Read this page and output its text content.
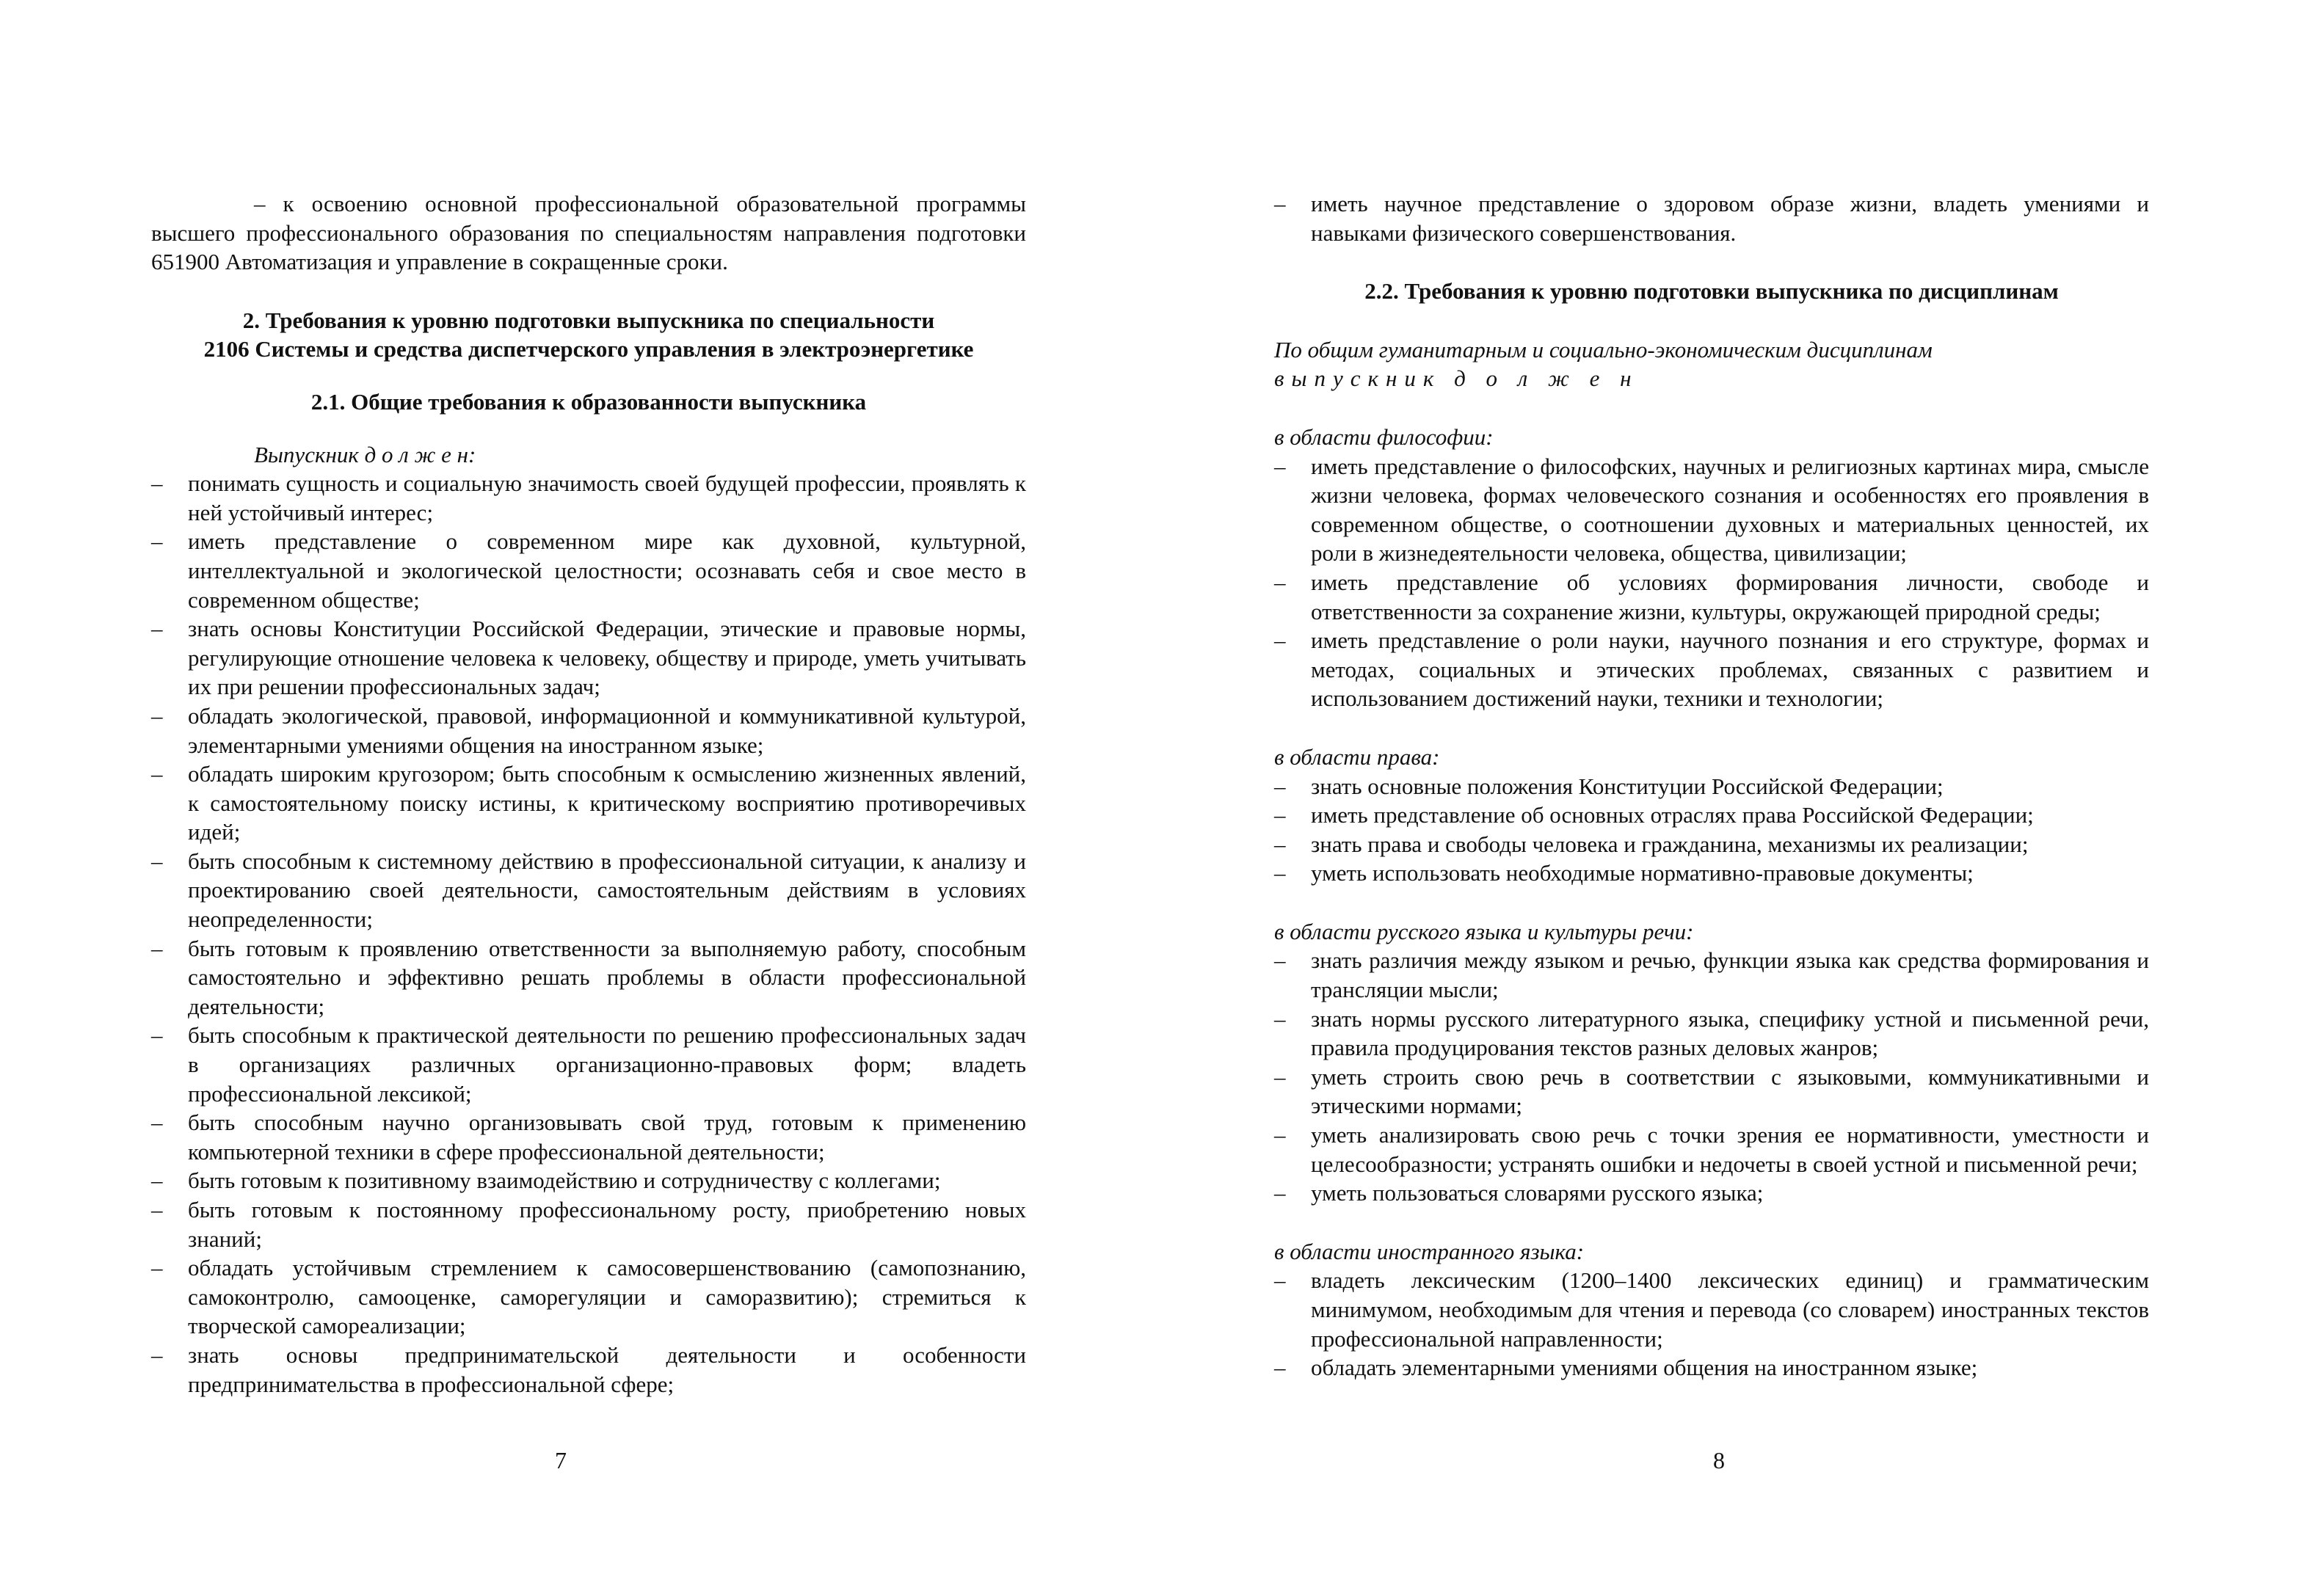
– к освоению основной профессиональной образовательной программы высшего профессионального образования по специальностям направления подготовки 651900 Автоматизация и управление в сокращенные сроки.

2. Требования к уровню подготовки выпускника по специальности

2106 Системы и средства диспетчерского управления в электроэнергетике

2.1. Общие требования к образованности выпускника

Выпускник д о л ж е н:

– понимать сущность и социальную значимость своей будущей профессии, проявлять к ней устойчивый интерес;
– иметь представление о современном мире как духовной, культурной, интеллектуальной и экологической целостности; осознавать себя и свое место в современном обществе;
– знать основы Конституции Российской Федерации, этические и правовые нормы, регулирующие отношение человека к человеку, обществу и природе, уметь учитывать их при решении профессиональных задач;
– обладать экологической, правовой, информационной и коммуникативной культурой, элементарными умениями общения на иностранном языке;
– обладать широким кругозором; быть способным к осмыслению жизненных явлений, к самостоятельному поиску истины, к критическому восприятию противоречивых идей;
– быть способным к системному действию в профессиональной ситуации, к анализу и проектированию своей деятельности, самостоятельным действиям в условиях неопределенности;
– быть готовым к проявлению ответственности за выполняемую работу, способным самостоятельно и эффективно решать проблемы в области профессиональной деятельности;
– быть способным к практической деятельности по решению профессиональных задач в организациях различных организационно-правовых форм; владеть профессиональной лексикой;
– быть способным научно организовывать свой труд, готовым к применению компьютерной техники в сфере профессиональной деятельности;
– быть готовым к позитивному взаимодействию и сотрудничеству с коллегами;
– быть готовым к постоянному профессиональному росту, приобретению новых знаний;
– обладать устойчивым стремлением к самосовершенствованию (самопознанию, самоконтролю, самооценке, саморегуляции и саморазвитию); стремиться к творческой самореализации;
– знать основы предпринимательской деятельности и особенности предпринимательства в профессиональной сфере;
7
– иметь научное представление о здоровом образе жизни, владеть умениями и навыками физического совершенствования.

2.2. Требования к уровню подготовки выпускника по дисциплинам

По общим гуманитарным и социально-экономическим дисциплинам

выпускник д о л ж е н

в области философии:

– иметь представление о философских, научных и религиозных картинах мира, смысле жизни человека, формах человеческого сознания и особенностях его проявления в современном обществе, о соотношении духовных и материальных ценностей, их роли в жизнедеятельности человека, общества, цивилизации;
– иметь представление об условиях формирования личности, свободе и ответственности за сохранение жизни, культуры, окружающей природной среды;
– иметь представление о роли науки, научного познания и его структуре, формах и методах, социальных и этических проблемах, связанных с развитием и использованием достижений науки, техники и технологии;

в области права:

– знать основные положения Конституции Российской Федерации;
– иметь представление об основных отраслях права Российской Федерации;
– знать права и свободы человека и гражданина, механизмы их реализации;
– уметь использовать необходимые нормативно-правовые документы;

в области русского языка и культуры речи:

– знать различия между языком и речью, функции языка как средства формирования и трансляции мысли;
– знать нормы русского литературного языка, специфику устной и письменной речи, правила продуцирования текстов разных деловых жанров;
– уметь строить свою речь в соответствии с языковыми, коммуникативными и этическими нормами;
– уметь анализировать свою речь с точки зрения ее нормативности, уместности и целесообразности; устранять ошибки и недочеты в своей устной и письменной речи;
– уметь пользоваться словарями русского языка;

в области иностранного языка:

– владеть лексическим (1200–1400 лексических единиц) и грамматическим минимумом, необходимым для чтения и перевода (со словарем) иностранных текстов профессиональной направленности;
– обладать элементарными умениями общения на иностранном языке;
8
